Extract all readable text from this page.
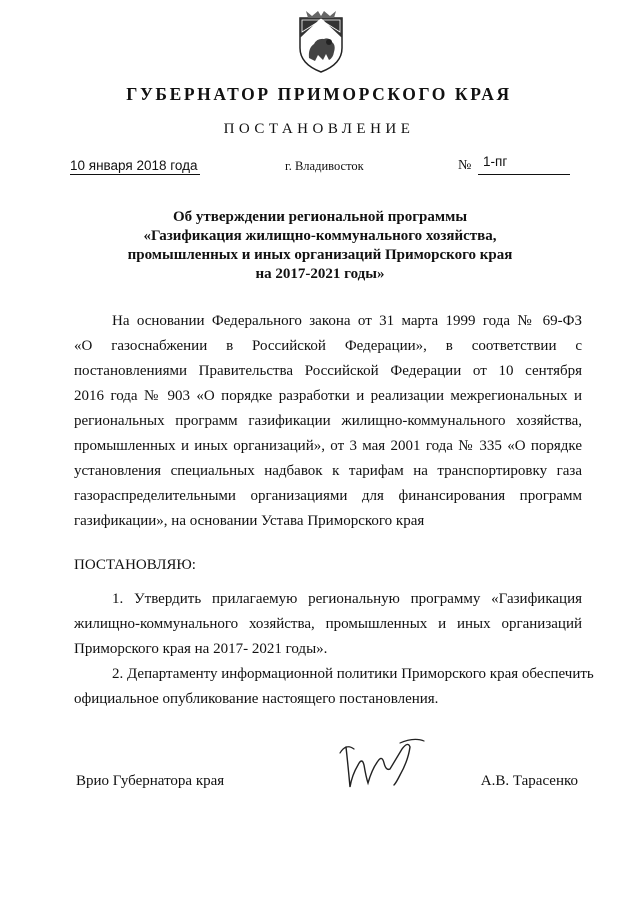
ГУБЕРНАТОР ПРИМОРСКОГО КРАЯ
ПОСТАНОВЛЕНИЕ
10 января 2018 года	г. Владивосток	№ 1-пг
Об утверждении региональной программы
«Газификация жилищно-коммунального хозяйства,
промышленных и иных организаций Приморского края
на 2017-2021 годы»
На основании Федерального закона от 31 марта 1999 года № 69-ФЗ
«О газоснабжении в Российской Федерации», в соответствии с
постановлениями Правительства Российской Федерации от 10 сентября
2016 года № 903 «О порядке разработки и реализации межрегиональных и
региональных программ газификации жилищно-коммунального хозяйства,
промышленных и иных организаций», от 3 мая 2001 года № 335 «О порядке
установления специальных надбавок к тарифам на транспортировку газа
газораспределительными организациями для финансирования программ
газификации», на основании Устава Приморского края
ПОСТАНОВЛЯЮ:
1. Утвердить прилагаемую региональную программу «Газификация
жилищно-коммунального хозяйства, промышленных и иных организаций
Приморского края на 2017- 2021 годы».
2. Департаменту информационной политики Приморского края обеспечить
официальное опубликование настоящего постановления.
Врио Губернатора края	А.В. Тарасенко
